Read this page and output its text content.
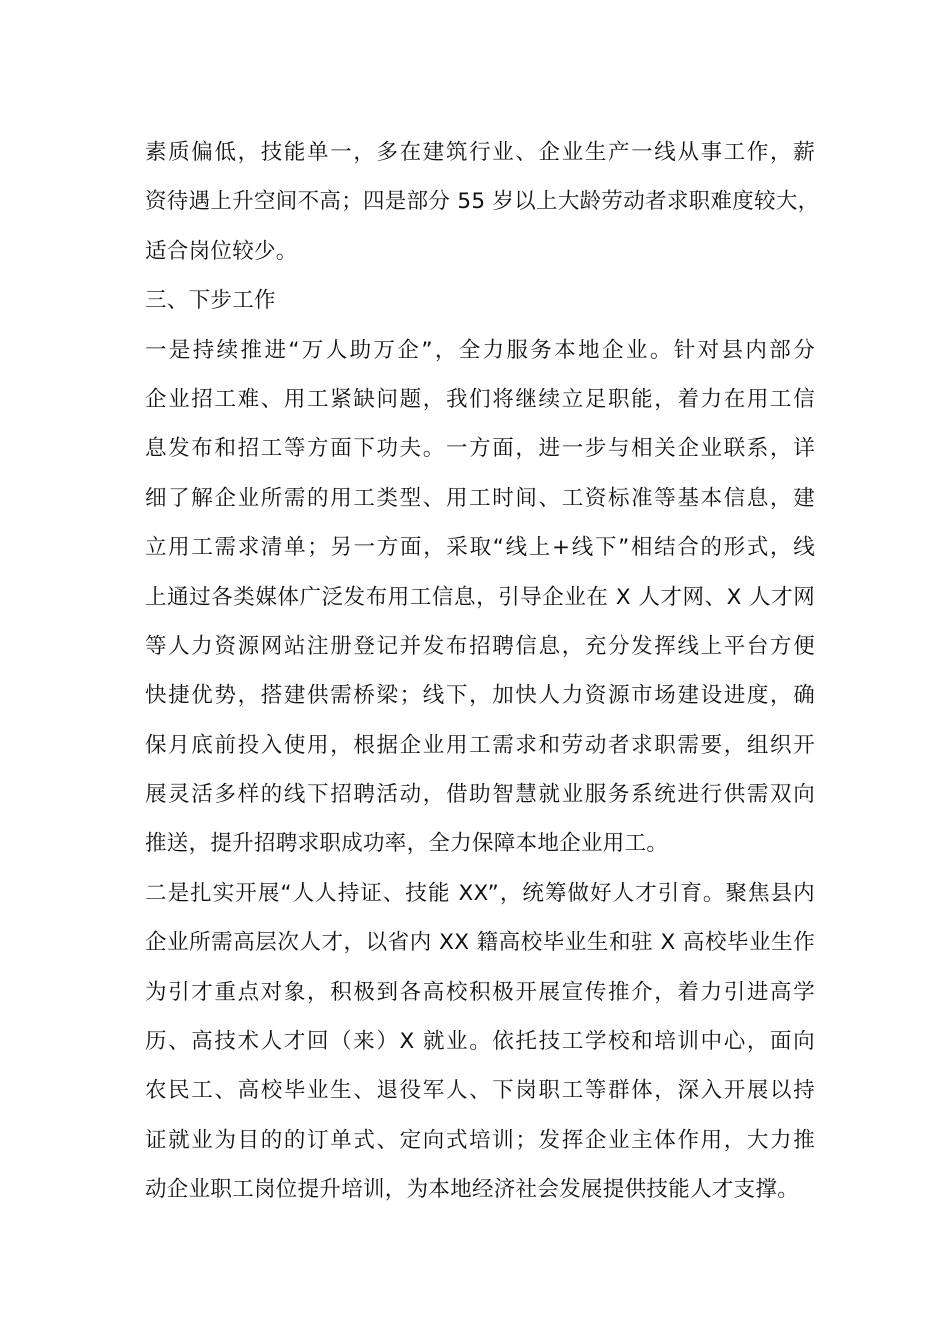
素质偏低，技能单一，多在建筑行业、企业生产一线从事工作，薪
资待遇上升空间不高；四是部分 55 岁以上大龄劳动者求职难度较大，
适合岗位较少。
三、下步工作
一是持续推进“万人助万企”，全力服务本地企业。针对县内部分
企业招工难、用工紧缺问题，我们将继续立足职能，着力在用工信
息发布和招工等方面下功夫。一方面，进一步与相关企业联系，详
细了解企业所需的用工类型、用工时间、工资标准等基本信息，建
立用工需求清单；另一方面，采取“线上+线下”相结合的形式，线
上通过各类媒体广泛发布用工信息，引导企业在 X 人才网、X 人才网
等人力资源网站注册登记并发布招聘信息，充分发挥线上平台方便
快捷优势，搭建供需桥梁；线下，加快人力资源市场建设进度，确
保月底前投入使用，根据企业用工需求和劳动者求职需要，组织开
展灵活多样的线下招聘活动，借助智慧就业服务系统进行供需双向
推送，提升招聘求职成功率，全力保障本地企业用工。
二是扎实开展“人人持证、技能 XX”，统筹做好人才引育。聚焦县内
企业所需高层次人才，以省内 XX 籍高校毕业生和驻 X 高校毕业生作
为引才重点对象，积极到各高校积极开展宣传推介，着力引进高学
历、高技术人才回（来）X 就业。依托技工学校和培训中心，面向
农民工、高校毕业生、退役军人、下岗职工等群体，深入开展以持
证就业为目的的订单式、定向式培训；发挥企业主体作用，大力推
动企业职工岗位提升培训，为本地经济社会发展提供技能人才支撑。
